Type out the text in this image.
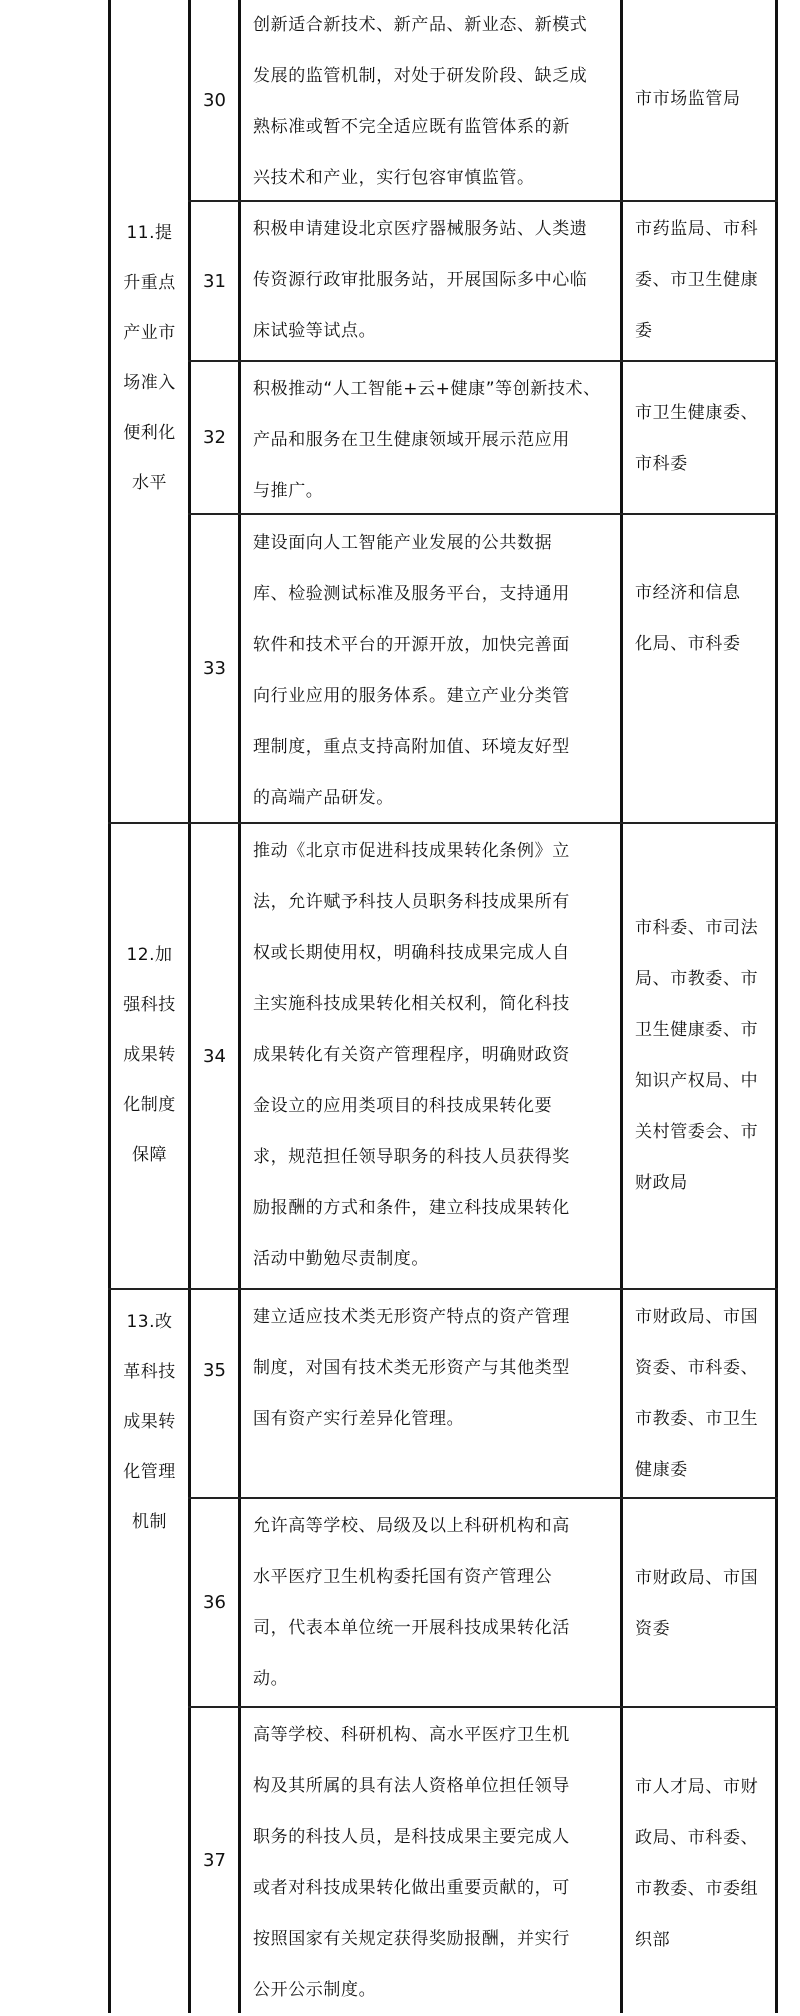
11.提
升重点
产业市
场准入
便利化
水平
12.加
强科技
成果转
化制度
保障
13.改
革科技
成果转
化管理
机制
30
31
32
33
34
35
36
37
创新适合新技术、新产品、新业态、新模式
发展的监管机制，对处于研发阶段、缺乏成
熟标准或暂不完全适应既有监管体系的新
兴技术和产业，实行包容审慎监管。
积极申请建设北京医疗器械服务站、人类遗
传资源行政审批服务站，开展国际多中心临
床试验等试点。
积极推动“人工智能+云+健康”等创新技术、
产品和服务在卫生健康领域开展示范应用
与推广。
建设面向人工智能产业发展的公共数据
库、检验测试标准及服务平台，支持通用
软件和技术平台的开源开放，加快完善面
向行业应用的服务体系。建立产业分类管
理制度，重点支持高附加值、环境友好型
的高端产品研发。
推动《北京市促进科技成果转化条例》立
法，允许赋予科技人员职务科技成果所有
权或长期使用权，明确科技成果完成人自
主实施科技成果转化相关权利，简化科技
成果转化有关资产管理程序，明确财政资
金设立的应用类项目的科技成果转化要
求，规范担任领导职务的科技人员获得奖
励报酬的方式和条件，建立科技成果转化
活动中勤勉尽责制度。
建立适应技术类无形资产特点的资产管理
制度，对国有技术类无形资产与其他类型
国有资产实行差异化管理。
允许高等学校、局级及以上科研机构和高
水平医疗卫生机构委托国有资产管理公
司，代表本单位统一开展科技成果转化活
动。
高等学校、科研机构、高水平医疗卫生机
构及其所属的具有法人资格单位担任领导
职务的科技人员，是科技成果主要完成人
或者对科技成果转化做出重要贡献的，可
按照国家有关规定获得奖励报酬，并实行
公开公示制度。
市市场监管局
市药监局、市科
委、市卫生健康
委
市卫生健康委、
市科委
市经济和信息
化局、市科委
市科委、市司法
局、市教委、市
卫生健康委、市
知识产权局、中
关村管委会、市
财政局
市财政局、市国
资委、市科委、
市教委、市卫生
健康委
市财政局、市国
资委
市人才局、市财
政局、市科委、
市教委、市委组
织部
